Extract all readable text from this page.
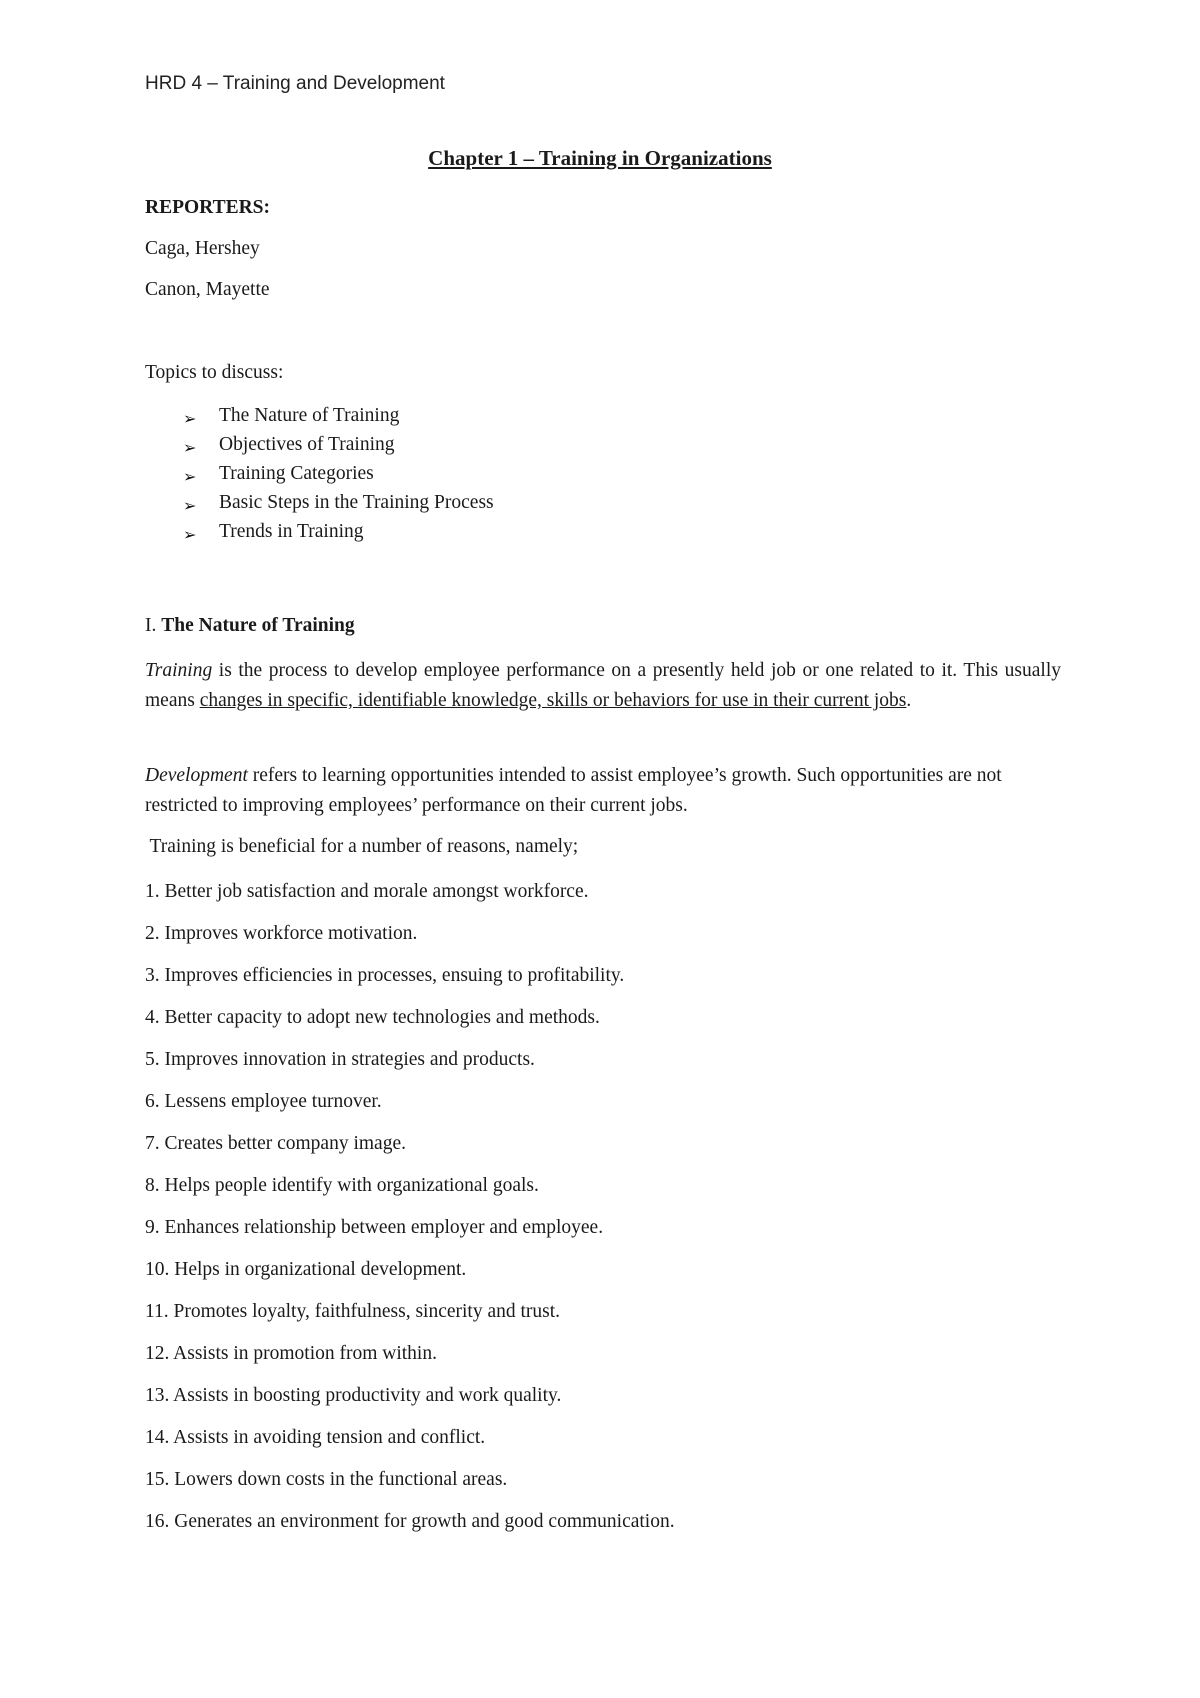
HRD 4 – Training and Development
Chapter 1 – Training in Organizations
REPORTERS:
Caga, Hershey
Canon, Mayette
Topics to discuss:
➢ The Nature of Training
➢ Objectives of Training
➢ Training Categories
➢ Basic Steps in the Training Process
➢ Trends in Training
I. The Nature of Training
Training is the process to develop employee performance on a presently held job or one related to it. This usually means changes in specific, identifiable knowledge, skills or behaviors for use in their current jobs.
Development refers to learning opportunities intended to assist employee’s growth. Such opportunities are not restricted to improving employees’ performance on their current jobs.
Training is beneficial for a number of reasons, namely;
1. Better job satisfaction and morale amongst workforce.
2. Improves workforce motivation.
3. Improves efficiencies in processes, ensuing to profitability.
4. Better capacity to adopt new technologies and methods.
5. Improves innovation in strategies and products.
6. Lessens employee turnover.
7. Creates better company image.
8. Helps people identify with organizational goals.
9. Enhances relationship between employer and employee.
10. Helps in organizational development.
11. Promotes loyalty, faithfulness, sincerity and trust.
12. Assists in promotion from within.
13. Assists in boosting productivity and work quality.
14. Assists in avoiding tension and conflict.
15. Lowers down costs in the functional areas.
16. Generates an environment for growth and good communication.
